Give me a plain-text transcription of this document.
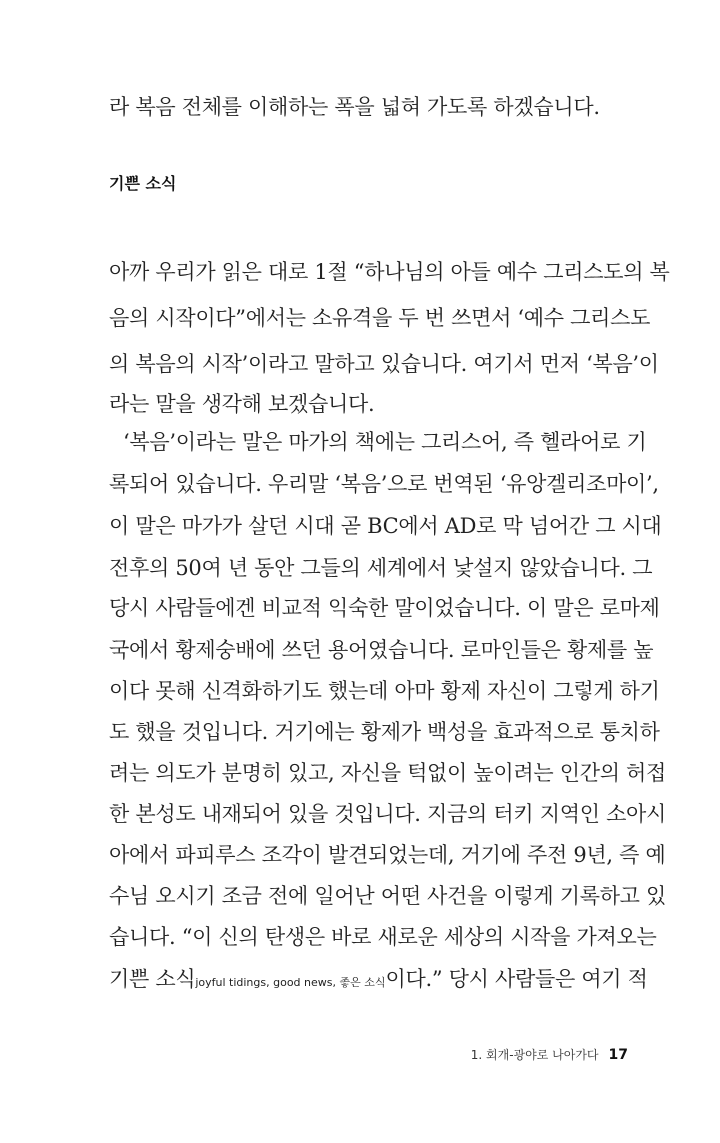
라 복음 전체를 이해하는 폭을 넓혀 가도록 하겠습니다.
기쁜 소식
아까 우리가 읽은 대로 1절 “하나님의 아들 예수 그리스도의 복
음의 시작이다”에서는 소유격을 두 번 쓰면서 ‘예수 그리스도
의 복음의 시작’이라고 말하고 있습니다. 여기서 먼저 ‘복음’이
라는 말을 생각해 보겠습니다.
‘복음’이라는 말은 마가의 책에는 그리스어, 즉 헬라어로 기
록되어 있습니다. 우리말 ‘복음’으로 번역된 ‘유앙겔리조마이’,
이 말은 마가가 살던 시대 곧 BC에서 AD로 막 넘어간 그 시대
전후의 50여 년 동안 그들의 세계에서 낯설지 않았습니다. 그
당시 사람들에겐 비교적 익숙한 말이었습니다. 이 말은 로마제
국에서 황제숭배에 쓰던 용어였습니다. 로마인들은 황제를 높
이다 못해 신격화하기도 했는데 아마 황제 자신이 그렇게 하기
도 했을 것입니다. 거기에는 황제가 백성을 효과적으로 통치하
려는 의도가 분명히 있고, 자신을 턱없이 높이려는 인간의 허접
한 본성도 내재되어 있을 것입니다. 지금의 터키 지역인 소아시
아에서 파피루스 조각이 발견되었는데, 거기에 주전 9년, 즉 예
수님 오시기 조금 전에 일어난 어떤 사건을 이렇게 기록하고 있
습니다. “이 신의 탄생은 바로 새로운 세상의 시작을 가져오는
기쁜 소식joyful tidings, good news, 좋은 소식이다.” 당시 사람들은 여기 적
1. 회개-광야로 나아가다 17
